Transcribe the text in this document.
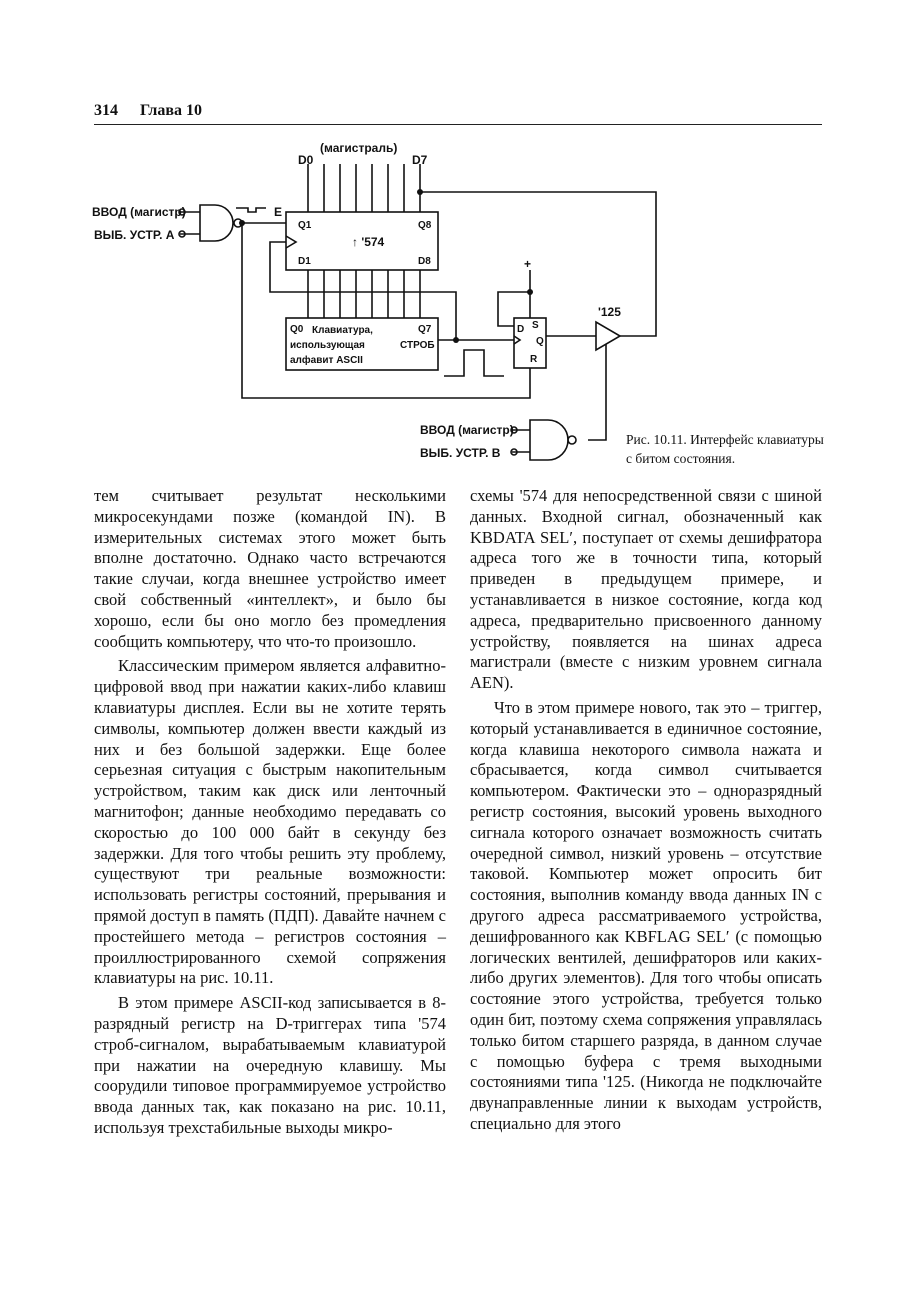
314 Глава 10
(магистраль)
D0	D7
ВВОД (магистр)
ВЫБ. УСТР. А
E
Q1	Q8
↑ '574
D1	D8	+
'125
Q0	Q7
Клавиатура,
использующая
алфавит ASCII
СТРОБ
D S
Q
R
ВВОД (магистр)
ВЫБ. УСТР. В
Рис. 10.11. Интерфейс клавиатуры с битом состояния.

тем считывает результат несколькими микросекундами позже (командой IN). В измерительных системах этого может быть вполне достаточно. Однако часто встречаются такие случаи, когда внешнее устройство имеет свой собственный «интеллект», и было бы хорошо, если бы оно могло без промедления сообщить компьютеру, что что-то произошло.

Классическим примером является алфавитно-цифровой ввод при нажатии каких-либо клавиш клавиатуры дисплея. Если вы не хотите терять символы, компьютер должен ввести каждый из них и без большой задержки. Еще более серьезная ситуация с быстрым накопительным устройством, таким как диск или ленточный магнитофон; данные необходимо передавать со скоростью до 100 000 байт в секунду без задержки. Для того чтобы решить эту проблему, существуют три реальные возможности: использовать регистры состояний, прерывания и прямой доступ в память (ПДП). Давайте начнем с простейшего метода – регистров состояния – проиллюстрированного схемой сопряжения клавиатуры на рис. 10.11.

В этом примере ASCII-код записывается в 8-разрядный регистр на D-триггерах типа '574 строб-сигналом, вырабатываемым клавиатурой при нажатии на очередную клавишу. Мы соорудили типовое программируемое устройство ввода данных так, как показано на рис. 10.11, используя трехстабильные выходы микро-

схемы '574 для непосредственной связи с шиной данных. Входной сигнал, обозначенный как KBDATA SEL′, поступает от схемы дешифратора адреса того же в точности типа, который приведен в предыдущем примере, и устанавливается в низкое состояние, когда код адреса, предварительно присвоенного данному устройству, появляется на шинах адреса магистрали (вместе с низким уровнем сигнала AEN).

Что в этом примере нового, так это – триггер, который устанавливается в единичное состояние, когда клавиша некоторого символа нажата и сбрасывается, когда символ считывается компьютером. Фактически это – одноразрядный регистр состояния, высокий уровень выходного сигнала которого означает возможность считать очередной символ, низкий уровень – отсутствие таковой. Компьютер может опросить бит состояния, выполнив команду ввода данных IN с другого адреса рассматриваемого устройства, дешифрованного как KBFLAG SEL′ (с помощью логических вентилей, дешифраторов или каких-либо других элементов). Для того чтобы описать состояние этого устройства, требуется только один бит, поэтому схема сопряжения управлялась только битом старшего разряда, в данном случае с помощью буфера с тремя выходными состояниями типа '125. (Никогда не подключайте двунаправленные линии к выходам устройств, специально для этого
